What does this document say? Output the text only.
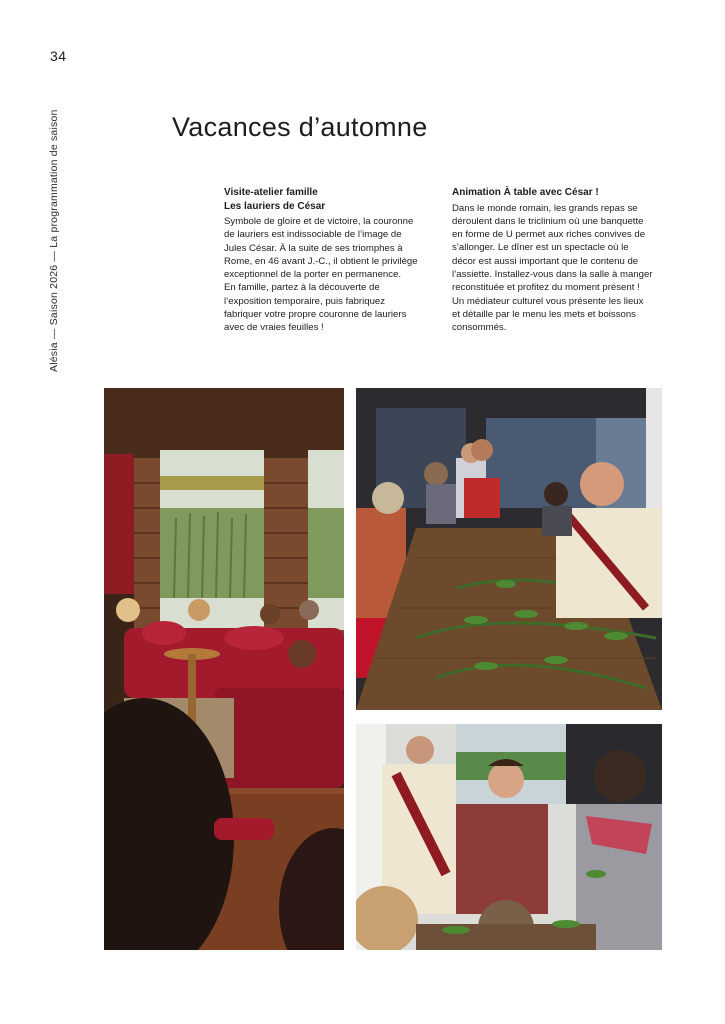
34
Alésia — Saison 2026 — La programmation de saison	Vacances d’automne
Visite-atelier famille
Les lauriers de César

Symbole de gloire et de victoire, la couronne
de lauriers est indissociable de l’image de
Jules César. À la suite de ses triomphes à
Rome, en 46 avant J.-C., il obtient le privilège
exceptionnel de la porter en permanence.
En famille, partez à la découverte de
l’exposition temporaire, puis fabriquez
fabriquer votre propre couronne de lauriers
avec de vraies feuilles !

Animation À table avec César !

Dans le monde romain, les grands repas se
déroulent dans le triclinium où une banquette
en forme de U permet aux riches convives de
s’allonger. Le dîner est un spectacle où le
décor est aussi important que le contenu de
l’assiette. Installez-vous dans la salle à manger
reconstituée et profitez du moment présent !
Un médiateur culturel vous présente les lieux
et détaille par le menu les mets et boissons
consommés.
